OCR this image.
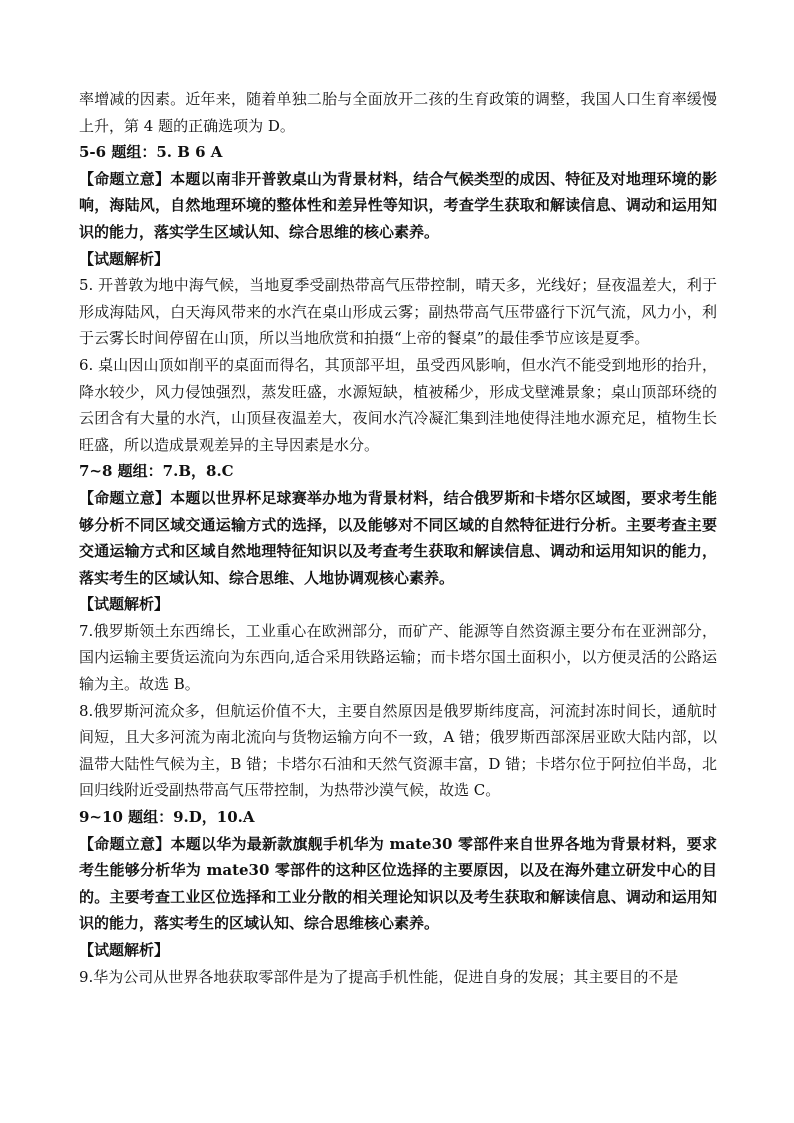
率增减的因素。近年来，随着单独二胎与全面放开二孩的生育政策的调整，我国人口生育率缓慢上升，第 4 题的正确选项为 D。

5-6 题组：5. B 6 A

【命题立意】本题以南非开普敦桌山为背景材料，结合气候类型的成因、特征及对地理环境的影响，海陆风，自然地理环境的整体性和差异性等知识，考查学生获取和解读信息、调动和运用知识的能力，落实学生区域认知、综合思维的核心素养。

【试题解析】

5. 开普敦为地中海气候，当地夏季受副热带高气压带控制，晴天多，光线好；昼夜温差大，利于形成海陆风，白天海风带来的水汽在桌山形成云雾；副热带高气压带盛行下沉气流，风力小，利于云雾长时间停留在山顶，所以当地欣赏和拍摄“上帝的餐桌”的最佳季节应该是夏季。

6. 桌山因山顶如削平的桌面而得名，其顶部平坦，虽受西风影响，但水汽不能受到地形的抬升，降水较少，风力侵蚀强烈，蒸发旺盛，水源短缺，植被稀少，形成戈壁滩景象；桌山顶部环绕的云团含有大量的水汽，山顶昼夜温差大，夜间水汽冷凝汇集到洼地使得洼地水源充足，植物生长旺盛，所以造成景观差异的主导因素是水分。

7~8 题组：7.B，8.C

【命题立意】本题以世界杯足球赛举办地为背景材料，结合俄罗斯和卡塔尔区域图，要求考生能够分析不同区域交通运输方式的选择，以及能够对不同区域的自然特征进行分析。主要考查主要交通运输方式和区域自然地理特征知识以及考查考生获取和解读信息、调动和运用知识的能力，落实考生的区域认知、综合思维、人地协调观核心素养。

【试题解析】

7.俄罗斯领土东西绵长，工业重心在欧洲部分，而矿产、能源等自然资源主要分布在亚洲部分，国内运输主要货运流向为东西向,适合采用铁路运输；而卡塔尔国土面积小，以方便灵活的公路运输为主。故选 B。

8.俄罗斯河流众多，但航运价值不大，主要自然原因是俄罗斯纬度高，河流封冻时间长，通航时间短，且大多河流为南北流向与货物运输方向不一致，A 错；俄罗斯西部深居亚欧大陆内部，以温带大陆性气候为主，B 错；卡塔尔石油和天然气资源丰富，D 错；卡塔尔位于阿拉伯半岛，北回归线附近受副热带高气压带控制，为热带沙漠气候，故选 C。

9~10 题组：9.D，10.A

【命题立意】本题以华为最新款旗舰手机华为 mate30 零部件来自世界各地为背景材料，要求考生能够分析华为 mate30 零部件的这种区位选择的主要原因，以及在海外建立研发中心的目的。主要考查工业区位选择和工业分散的相关理论知识以及考生获取和解读信息、调动和运用知识的能力，落实考生的区域认知、综合思维核心素养。

【试题解析】

9.华为公司从世界各地获取零部件是为了提高手机性能，促进自身的发展；其主要目的不是
